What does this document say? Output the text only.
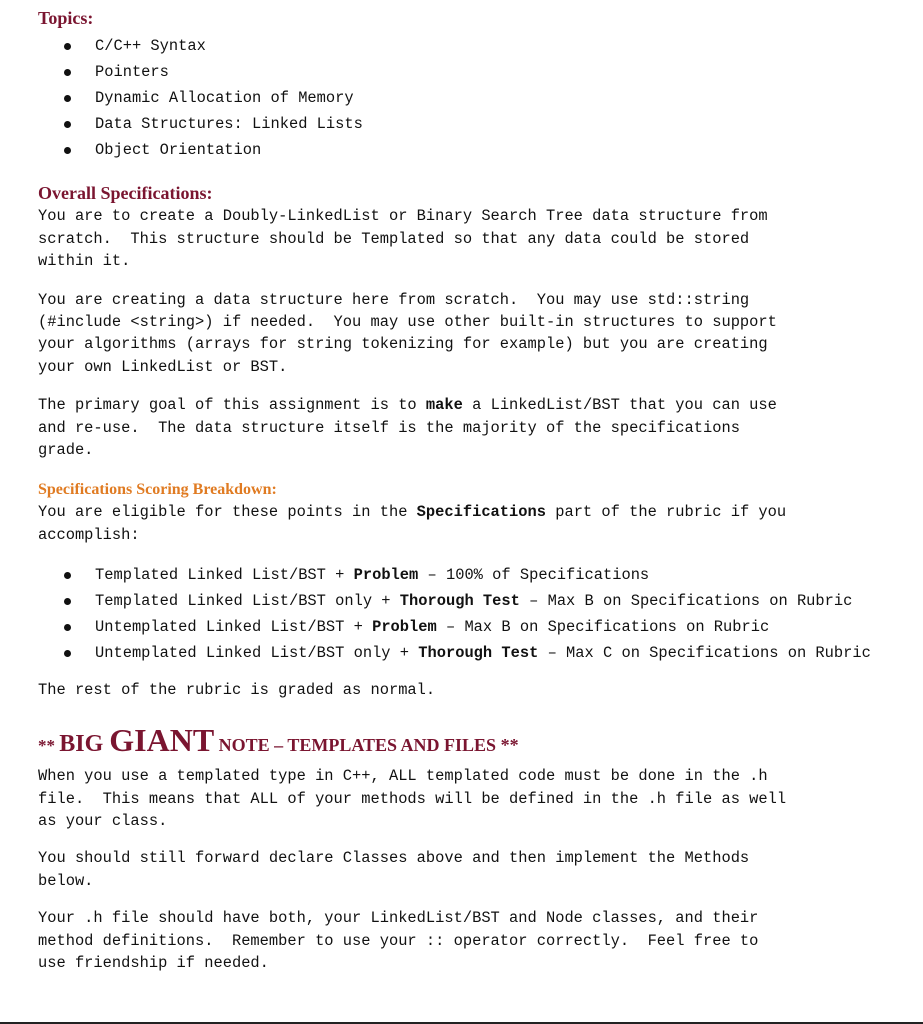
Topics:
C/C++ Syntax
Pointers
Dynamic Allocation of Memory
Data Structures: Linked Lists
Object Orientation
Overall Specifications:

You are to create a Doubly-LinkedList or Binary Search Tree data structure from
scratch.  This structure should be Templated so that any data could be stored
within it.

You are creating a data structure here from scratch.  You may use std::string
(#include <string>) if needed.  You may use other built-in structures to support
your algorithms (arrays for string tokenizing for example) but you are creating
your own LinkedList or BST.

The primary goal of this assignment is to make a LinkedList/BST that you can use
and re-use.  The data structure itself is the majority of the specifications
grade.

Specifications Scoring Breakdown:

You are eligible for these points in the Specifications part of the rubric if you
accomplish:

Templated Linked List/BST + Problem – 100% of Specifications
Templated Linked List/BST only + Thorough Test – Max B on Specifications on Rubric
Untemplated Linked List/BST + Problem – Max B on Specifications on Rubric
Untemplated Linked List/BST only + Thorough Test – Max C on Specifications on Rubric

The rest of the rubric is graded as normal.

** BIG GIANT NOTE – TEMPLATES AND FILES **

When you use a templated type in C++, ALL templated code must be done in the .h
file.  This means that ALL of your methods will be defined in the .h file as well
as your class.

You should still forward declare Classes above and then implement the Methods
below.

Your .h file should have both, your LinkedList/BST and Node classes, and their
method definitions.  Remember to use your :: operator correctly.  Feel free to
use friendship if needed.
